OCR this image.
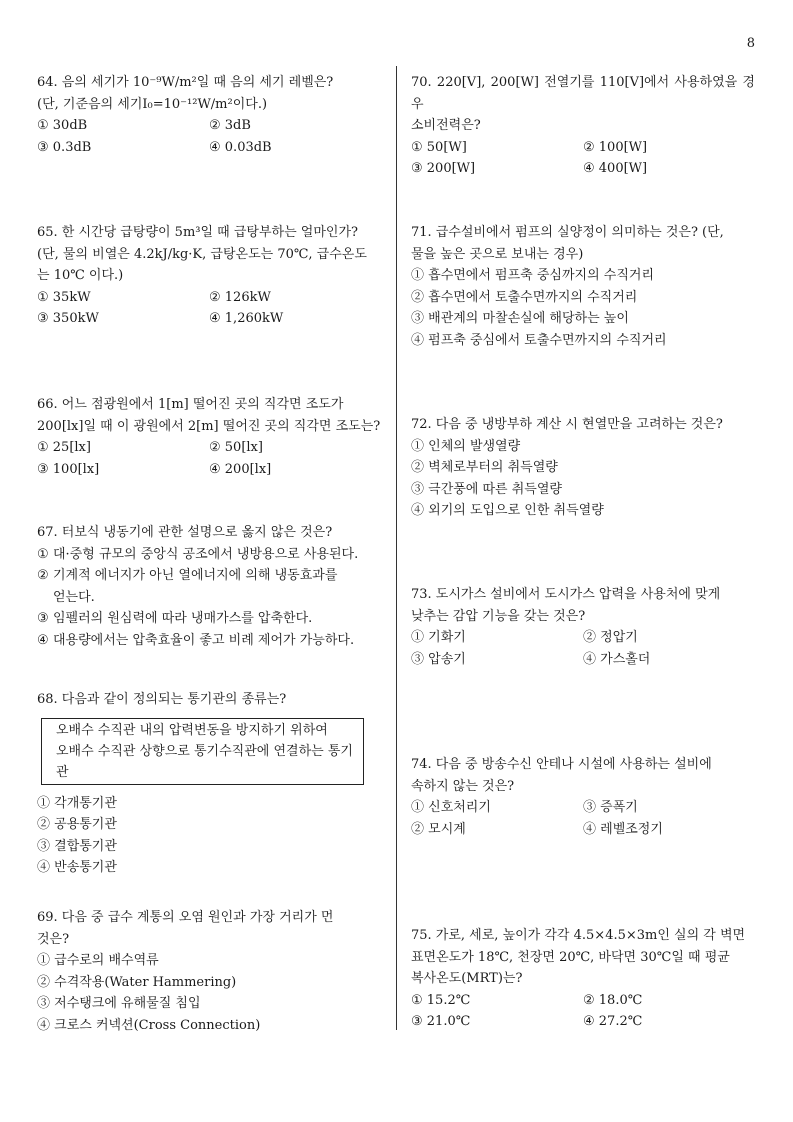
8
64. 음의 세기가 10⁻⁹W/m²일 때 음의 세기 레벨은?
(단, 기준음의 세기I₀=10⁻¹²W/m²이다.)
① 30dB	② 3dB
③ 0.3dB	④ 0.03dB
65. 한 시간당 급탕량이 5m³일 때 급탕부하는 얼마인가?
(단, 물의 비열은 4.2kJ/kg·K, 급탕온도는 70℃, 급수온도
는 10℃ 이다.)
① 35kW	② 126kW
③ 350kW	④ 1,260kW
66. 어느 점광원에서 1[m] 떨어진 곳의 직각면 조도가
200[lx]일 때 이 광원에서 2[m] 떨어진 곳의 직각면 조도는?
① 25[lx]	② 50[lx]
③ 100[lx]	④ 200[lx]
67. 터보식 냉동기에 관한 설명으로 옳지 않은 것은?
① 대·중형 규모의 중앙식 공조에서 냉방용으로 사용된다.
② 기계적 에너지가 아닌 열에너지에 의해 냉동효과를
얻는다.
③ 임펠러의 원심력에 따라 냉매가스를 압축한다.
④ 대용량에서는 압축효율이 좋고 비례 제어가 가능하다.
68. 다음과 같이 정의되는 통기관의 종류는?
오배수 수직관 내의 압력변동을 방지하기 위하여
오배수 수직관 상향으로 통기수직관에 연결하는 통기관
① 각개통기관
② 공용통기관
③ 결합통기관
④ 반송통기관
69. 다음 중 급수 계통의 오염 원인과 가장 거리가 먼
것은?
① 급수로의 배수역류
② 수격작용(Water Hammering)
③ 저수탱크에 유해물질 침입
④ 크로스 커넥션(Cross Connection)
70. 220[V], 200[W] 전열기를 110[V]에서 사용하였을 경우
소비전력은?
① 50[W]	② 100[W]
③ 200[W]	④ 400[W]
71. 급수설비에서 펌프의 실양정이 의미하는 것은? (단,
물을 높은 곳으로 보내는 경우)
① 흡수면에서 펌프축 중심까지의 수직거리
② 흡수면에서 토출수면까지의 수직거리
③ 배관계의 마찰손실에 해당하는 높이
④ 펌프축 중심에서 토출수면까지의 수직거리
72. 다음 중 냉방부하 계산 시 현열만을 고려하는 것은?
① 인체의 발생열량
② 벽체로부터의 취득열량
③ 극간풍에 따른 취득열량
④ 외기의 도입으로 인한 취득열량
73. 도시가스 설비에서 도시가스 압력을 사용처에 맞게
낮추는 감압 기능을 갖는 것은?
① 기화기	② 정압기
③ 압송기	④ 가스홀더
74. 다음 중 방송수신 안테나 시설에 사용하는 설비에
속하지 않는 것은?
① 신호처리기	③ 증폭기
② 모시계	④ 레벨조정기
75. 가로, 세로, 높이가 각각 4.5×4.5×3m인 실의 각 벽면
표면온도가 18℃, 천장면 20℃, 바닥면 30℃일 때 평균
복사온도(MRT)는?
① 15.2℃	② 18.0℃
③ 21.0℃	④ 27.2℃
